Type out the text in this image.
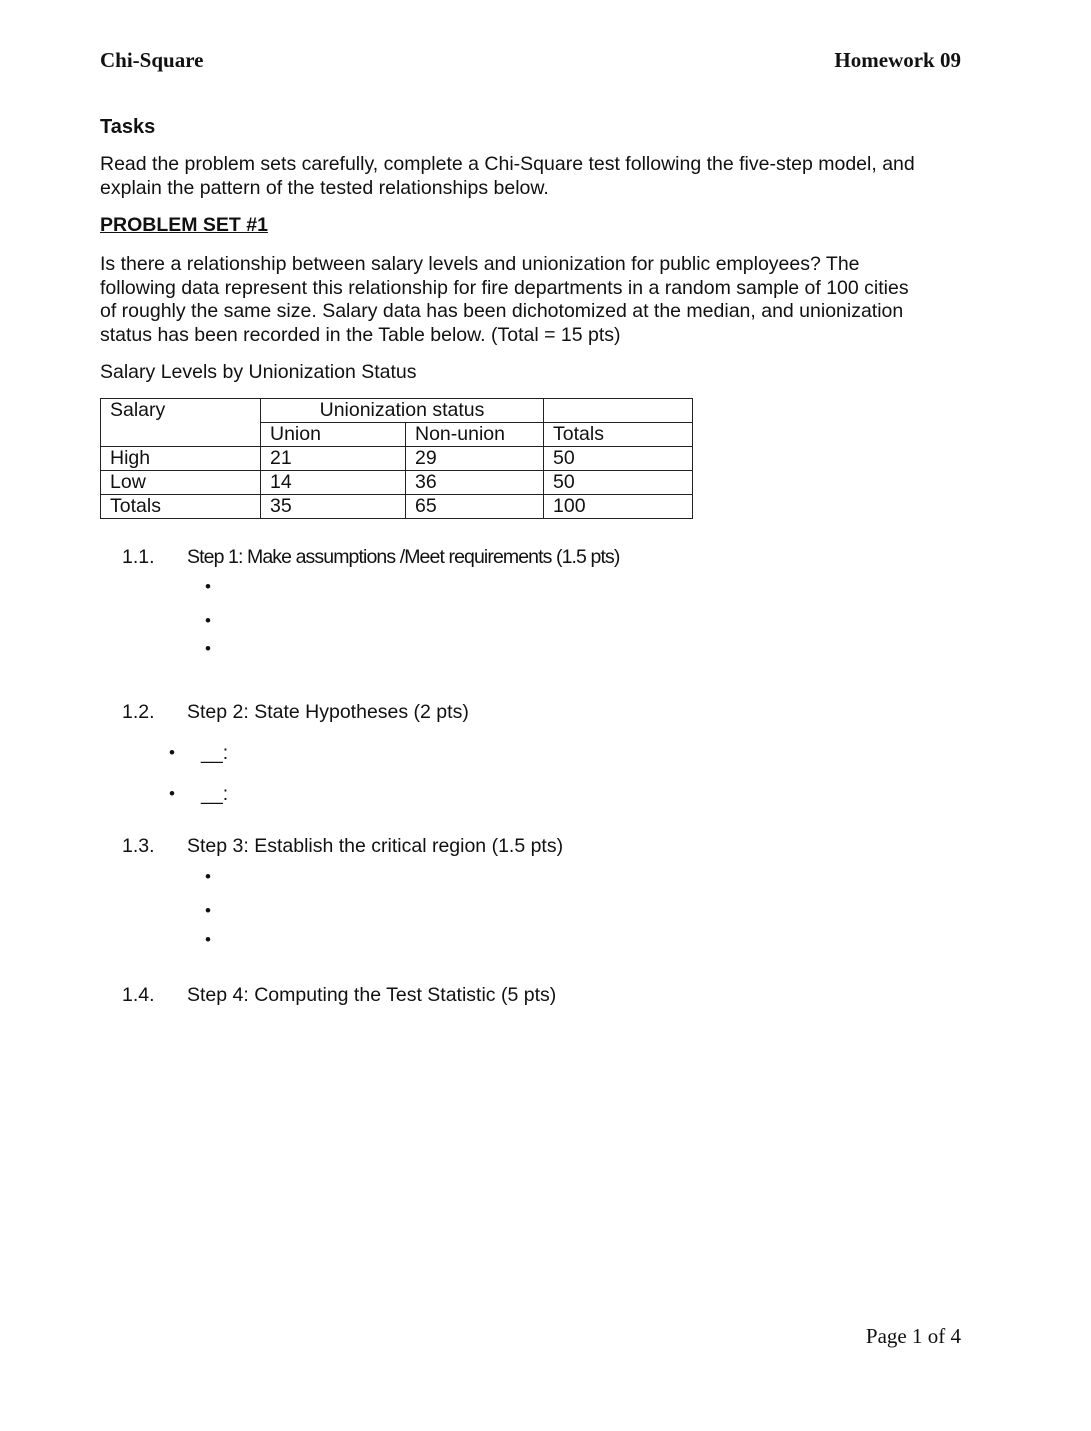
Chi-Square	Homework 09
Tasks
Read the problem sets carefully, complete a Chi-Square test following the five-step model, and
explain the pattern of the tested relationships below.
PROBLEM SET #1
Is there a relationship between salary levels and unionization for public employees? The
following data represent this relationship for fire departments in a random sample of 100 cities
of roughly the same size. Salary data has been dichotomized at the median, and unionization
status has been recorded in the Table below. (Total = 15 pts)
Salary Levels by Unionization Status
Salary	Unionization status		
	Union	Non-union	Totals
High	21	29	50
Low	14	36	50
Totals	35	65	100
1.1. Step 1: Make assumptions /Meet requirements (1.5 pts)
•
•
•
1.2. Step 2: State Hypotheses (2 pts)
• __:
• __:
1.3. Step 3: Establish the critical region (1.5 pts)
•
•
•
1.4. Step 4: Computing the Test Statistic (5 pts)
Page 1 of 4
